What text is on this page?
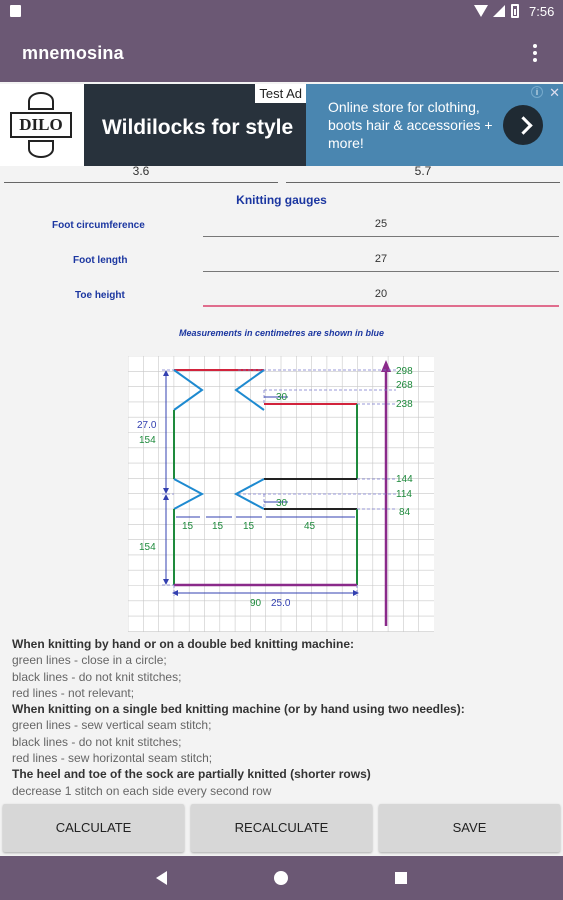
7:56
mnemosina
DILO
Test Ad
Wildilocks for style
Online store for clothing, boots hair & accessories + more!
i ✕
3.6	5.7
Knitting gauges
Foot circumference	25
Foot length	27
Toe height	20
Measurements in centimetres are shown in blue
298
268
238
144
114
84
27.0
154
154
30
30
15 15 15	45
90 25.0
When knitting by hand or on a double bed knitting machine:
green lines - close in a circle;
black lines - do not knit stitches;
red lines - not relevant;
When knitting on a single bed knitting machine (or by hand using two needles):
green lines - sew vertical seam stitch;
black lines - do not knit stitches;
red lines - sew horizontal seam stitch;
The heel and toe of the sock are partially knitted (shorter rows)
decrease 1 stitch on each side every second row
CALCULATE	RECALCULATE	SAVE
